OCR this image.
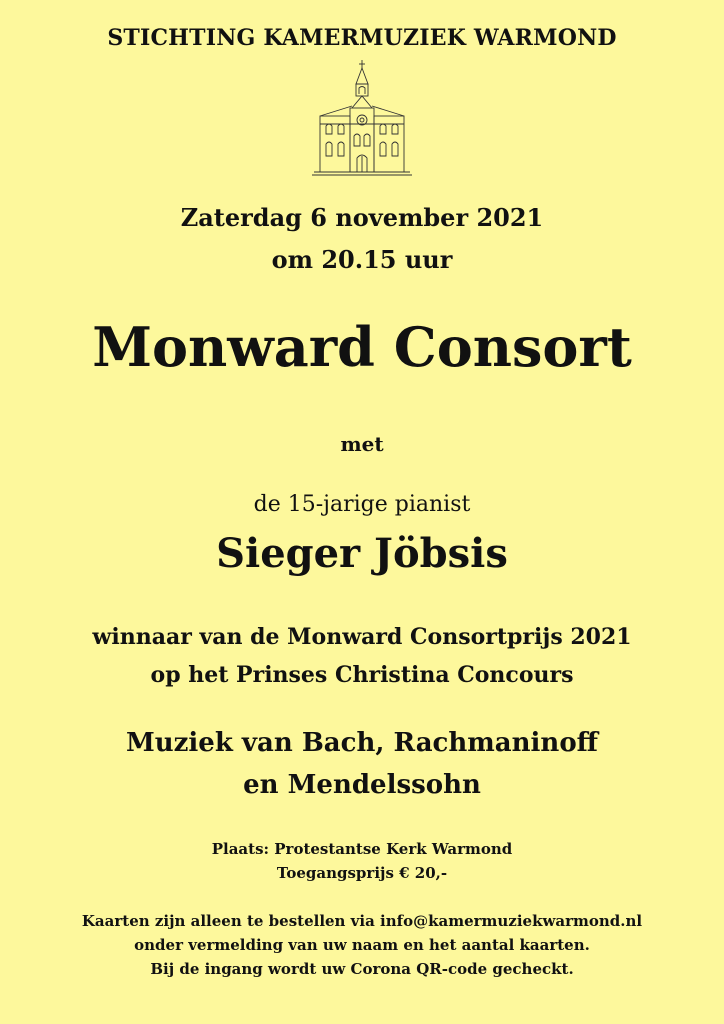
STICHTING KAMERMUZIEK WARMOND
Zaterdag 6 november 2021
om 20.15 uur
Monward Consort
met
de 15-jarige pianist
Sieger Jöbsis
winnaar van de Monward Consortprijs 2021
op het Prinses Christina Concours
Muziek van Bach, Rachmaninoff
en Mendelssohn
Plaats: Protestantse Kerk Warmond
Toegangsprijs € 20,-
Kaarten zijn alleen te bestellen via info@kamermuziekwarmond.nl
onder vermelding van uw naam en het aantal kaarten.
Bij de ingang wordt uw Corona QR-code gecheckt.
